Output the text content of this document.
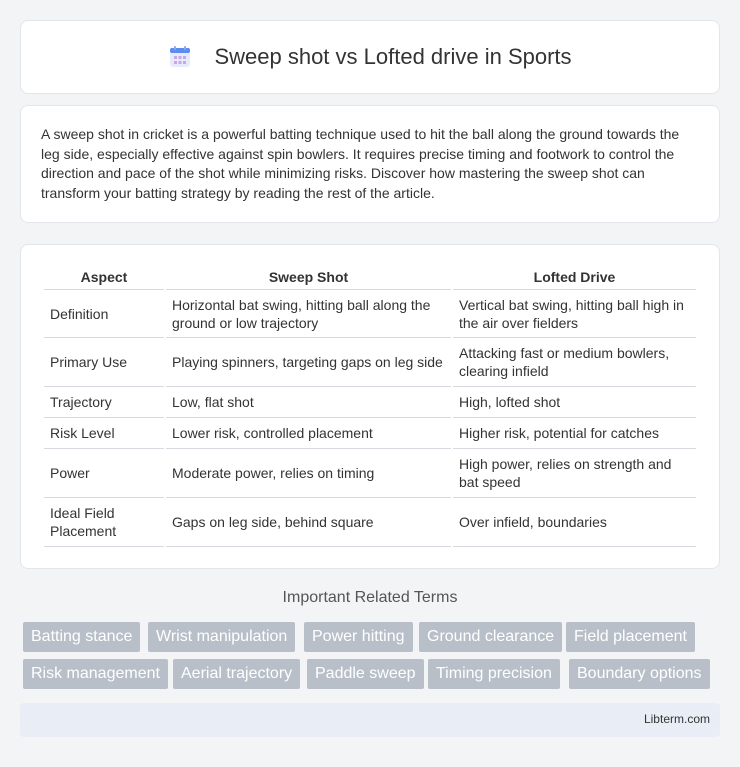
Sweep shot vs Lofted drive in Sports

A sweep shot in cricket is a powerful batting technique used to hit the ball along the ground towards the leg side, especially effective against spin bowlers. It requires precise timing and footwork to control the direction and pace of the shot while minimizing risks. Discover how mastering the sweep shot can transform your batting strategy by reading the rest of the article.

Aspect	Sweep Shot	Lofted Drive
Definition	Horizontal bat swing, hitting ball along the ground or low trajectory	Vertical bat swing, hitting ball high in the air over fielders
Primary Use	Playing spinners, targeting gaps on leg side	Attacking fast or medium bowlers, clearing infield
Trajectory	Low, flat shot	High, lofted shot
Risk Level	Lower risk, controlled placement	Higher risk, potential for catches
Power	Moderate power, relies on timing	High power, relies on strength and bat speed
Ideal Field Placement	Gaps on leg side, behind square	Over infield, boundaries
Important Related Terms
Batting stance	Wrist manipulation	Power hitting	Ground clearance	Field placement
Risk management	Aerial trajectory	Paddle sweep	Timing precision	Boundary options
Libterm.com
